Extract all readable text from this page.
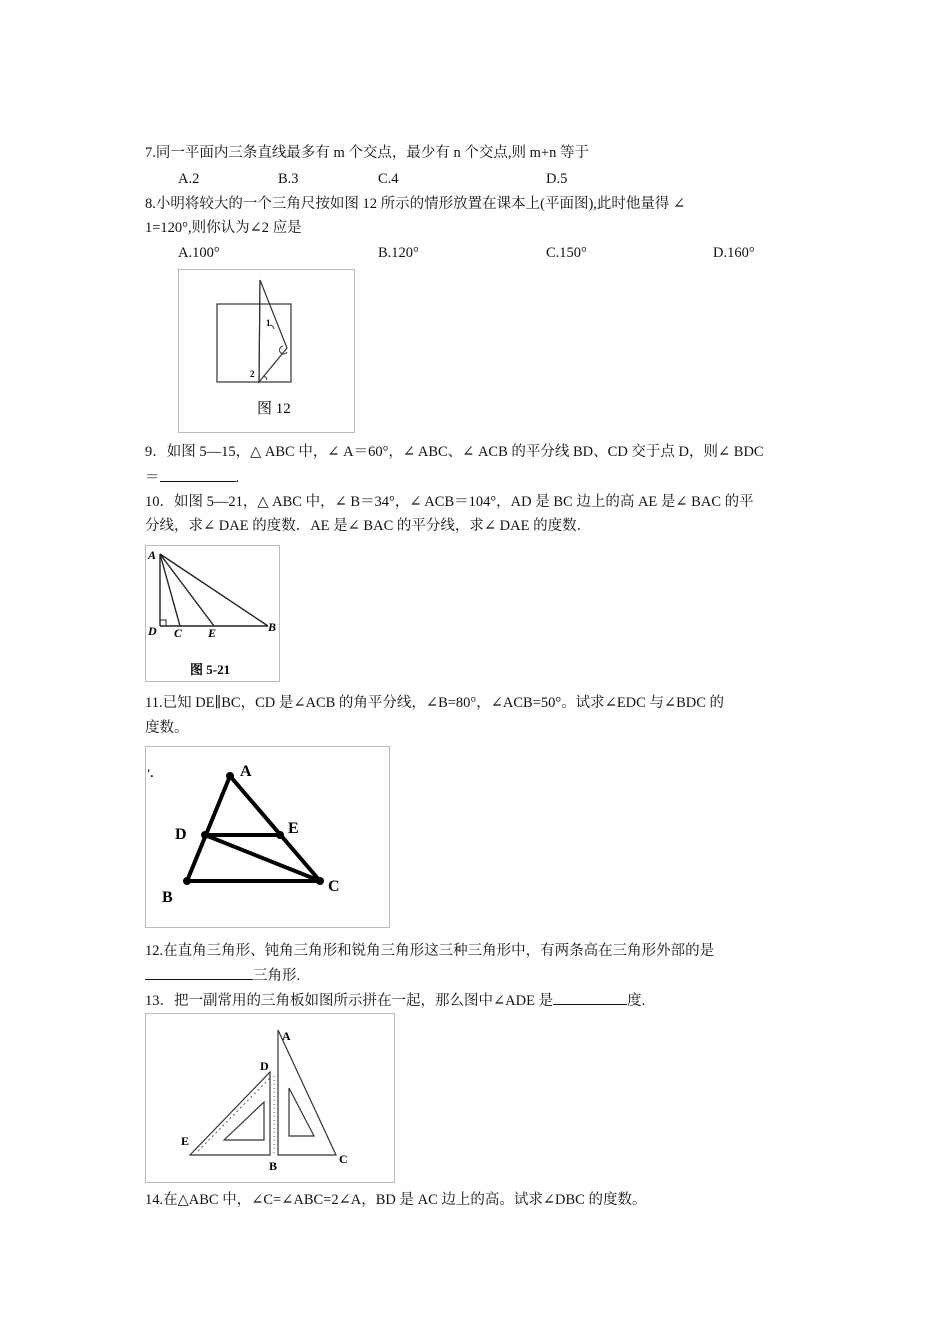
7.同一平面内三条直线最多有 m 个交点，最少有 n 个交点,则 m+n 等于
A.2	B.3	C.4	D.5
8.小明将较大的一个三角尺按如图 12 所示的情形放置在课本上(平面图),此时他量得 ∠
1=120°,则你认为∠2 应是
A.100°	B.120°	C.150°	D.160°
1
2
图 12
9．如图 5—15，△ ABC 中，∠ A＝60°，∠ ABC、∠ ACB 的平分线 BD、CD 交于点 D，则∠ BDC
＝	.
10．如图 5—21，△ ABC 中，∠ B＝34°，∠ ACB＝104°，AD 是 BC 边上的高 AE 是∠ BAC 的平
分线，求∠ DAE 的度数．AE 是∠ BAC 的平分线，求∠ DAE 的度数．
A
D C E	B
图 5-21
11.已知 DE∥BC，CD 是∠ACB 的角平分线，∠B=80°，∠ACB=50°。试求∠EDC 与∠BDC 的
度数。
'.	A
D	E
B
C
12.在直角三角形、钝角三角形和锐角三角形这三种三角形中，有两条高在三角形外部的是
三角形.
13．把一副常用的三角板如图所示拼在一起，那么图中∠ADE 是	度.
A
D
E
B	C
14.在△ABC 中，∠C=∠ABC=2∠A，BD 是 AC 边上的高。试求∠DBC 的度数。
